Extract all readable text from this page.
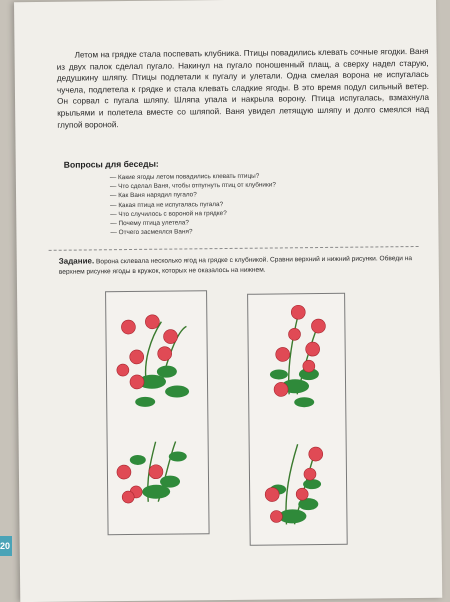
Летом на грядке стала поспевать клубника. Птицы повадились клевать сочные ягодки. Ваня из двух палок сделал пугало. Накинул на пугало поношенный плащ, а сверху надел старую, дедушкину шляпу. Птицы подлетали к пугалу и улетали. Одна смелая ворона не испугалась чучела, подлетела к грядке и стала клевать сладкие ягоды. В это время подул сильный ветер. Он сорвал с пугала шляпу. Шляпа упала и накрыла ворону. Птица испугалась, взмахнула крыльями и полетела вместе со шляпой. Ваня увидел летящую шляпу и долго смеялся над глупой вороной.

Вопросы для беседы:
— Какие ягоды летом повадились клевать птицы?
— Что сделал Ваня, чтобы отпугнуть птиц от клубники?
— Как Ваня нарядил пугало?
— Какая птица не испугалась пугала?
— Что случилось с вороной на грядке?
— Почему птица улетела?
— Отчего засмеялся Ваня?
Задание. Ворона склевала несколько ягод на грядке с клубникой. Сравни верхний и нижний рисунки. Обведи на верхнем рисунке ягоды в кружок, которых не оказалось на нижнем.
20
